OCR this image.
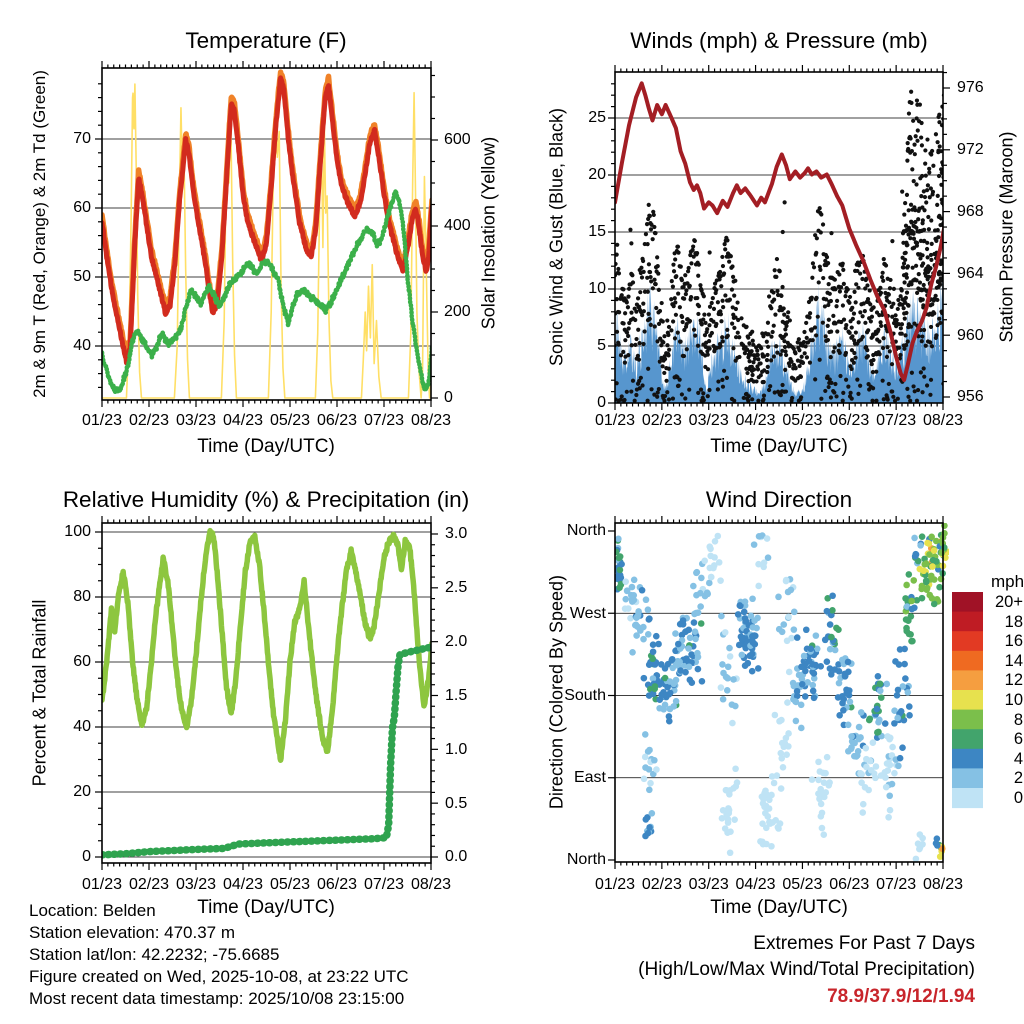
Temperature (F)	Winds (mph) & Pressure (mb)
Relative Humidity (%) & Precipitation (in)	Wind Direction
Time (Day/UTC)	Time (Day/UTC)
Time (Day/UTC)	Time (Day/UTC)
2m & 9m T (Red, Orange) & 2m Td (Green)	Solar Insolation (Yellow)	Sonic Wind & Gust (Blue, Black)	Station Pressure (Maroon)
Percent & Total Rainfall	Direction (Colored By Speed)	mph
Extremes For Past 7 Days
(High/Low/Max Wind/Total Precipitation)
78.9/37.9/12/1.94
Location: Belden
Station elevation: 470.37 m
Station lat/lon: 42.2232; -75.6685
Figure created on Wed, 2025-10-08, at 23:22 UTC
Most recent data timestamp: 2025/10/08 23:15:00
01/23 02/23 03/23 04/23 05/23 06/23 07/23 08/23
40
50
60
70
0
200
400
600
01/23 02/23 03/23 04/23 05/23 06/23 07/23 08/23
0
5
10
15
20
25
956
960
964
968
972
976
01/23 02/23 03/23 04/23 05/23 06/23 07/23 08/23
0
20
40
60
80
100
0.0
0.5
1.0
1.5
2.0
2.5
3.0
01/23 02/23 03/23 04/23 05/23 06/23 07/23 08/23
North
West
South
East
North
20+
18
16
14
12
10
8
6
4
2
0
